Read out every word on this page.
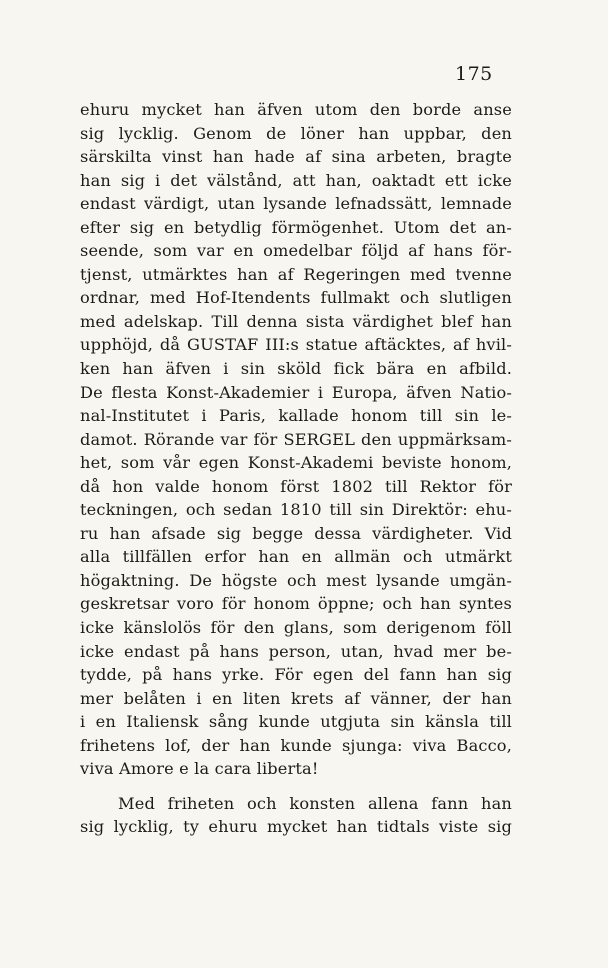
175
ehuru mycket han äfven utom den borde anse
sig lycklig. Genom de löner han uppbar, den
särskilta vinst han hade af sina arbeten, bragte
han sig i det välstånd, att han, oaktadt ett icke
endast värdigt, utan lysande lefnadssätt, lemnade
efter sig en betydlig förmögenhet. Utom det an-
seende, som var en omedelbar följd af hans för-
tjenst, utmärktes han af Regeringen med tvenne
ordnar, med Hof-Itendents fullmakt och slutligen
med adelskap. Till denna sista värdighet blef han
upphöjd, då GUSTAF III:s statue aftäcktes, af hvil-
ken han äfven i sin sköld fick bära en afbild.
De flesta Konst-Akademier i Europa, äfven Natio-
nal-Institutet i Paris, kallade honom till sin le-
damot. Rörande var för SERGEL den uppmärksam-
het, som vår egen Konst-Akademi beviste honom,
då hon valde honom först 1802 till Rektor för
teckningen, och sedan 1810 till sin Direktör: ehu-
ru han afsade sig begge dessa värdigheter. Vid
alla tillfällen erfor han en allmän och utmärkt
högaktning. De högste och mest lysande umgän-
geskretsar voro för honom öppne; och han syntes
icke känslolös för den glans, som derigenom föll
icke endast på hans person, utan, hvad mer be-
tydde, på hans yrke. För egen del fann han sig
mer belåten i en liten krets af vänner, der han
i en Italiensk sång kunde utgjuta sin känsla till
frihetens lof, der han kunde sjunga: viva Bacco,
viva Amore e la cara liberta!
Med friheten och konsten allena fann han
sig lycklig, ty ehuru mycket han tidtals viste sig
